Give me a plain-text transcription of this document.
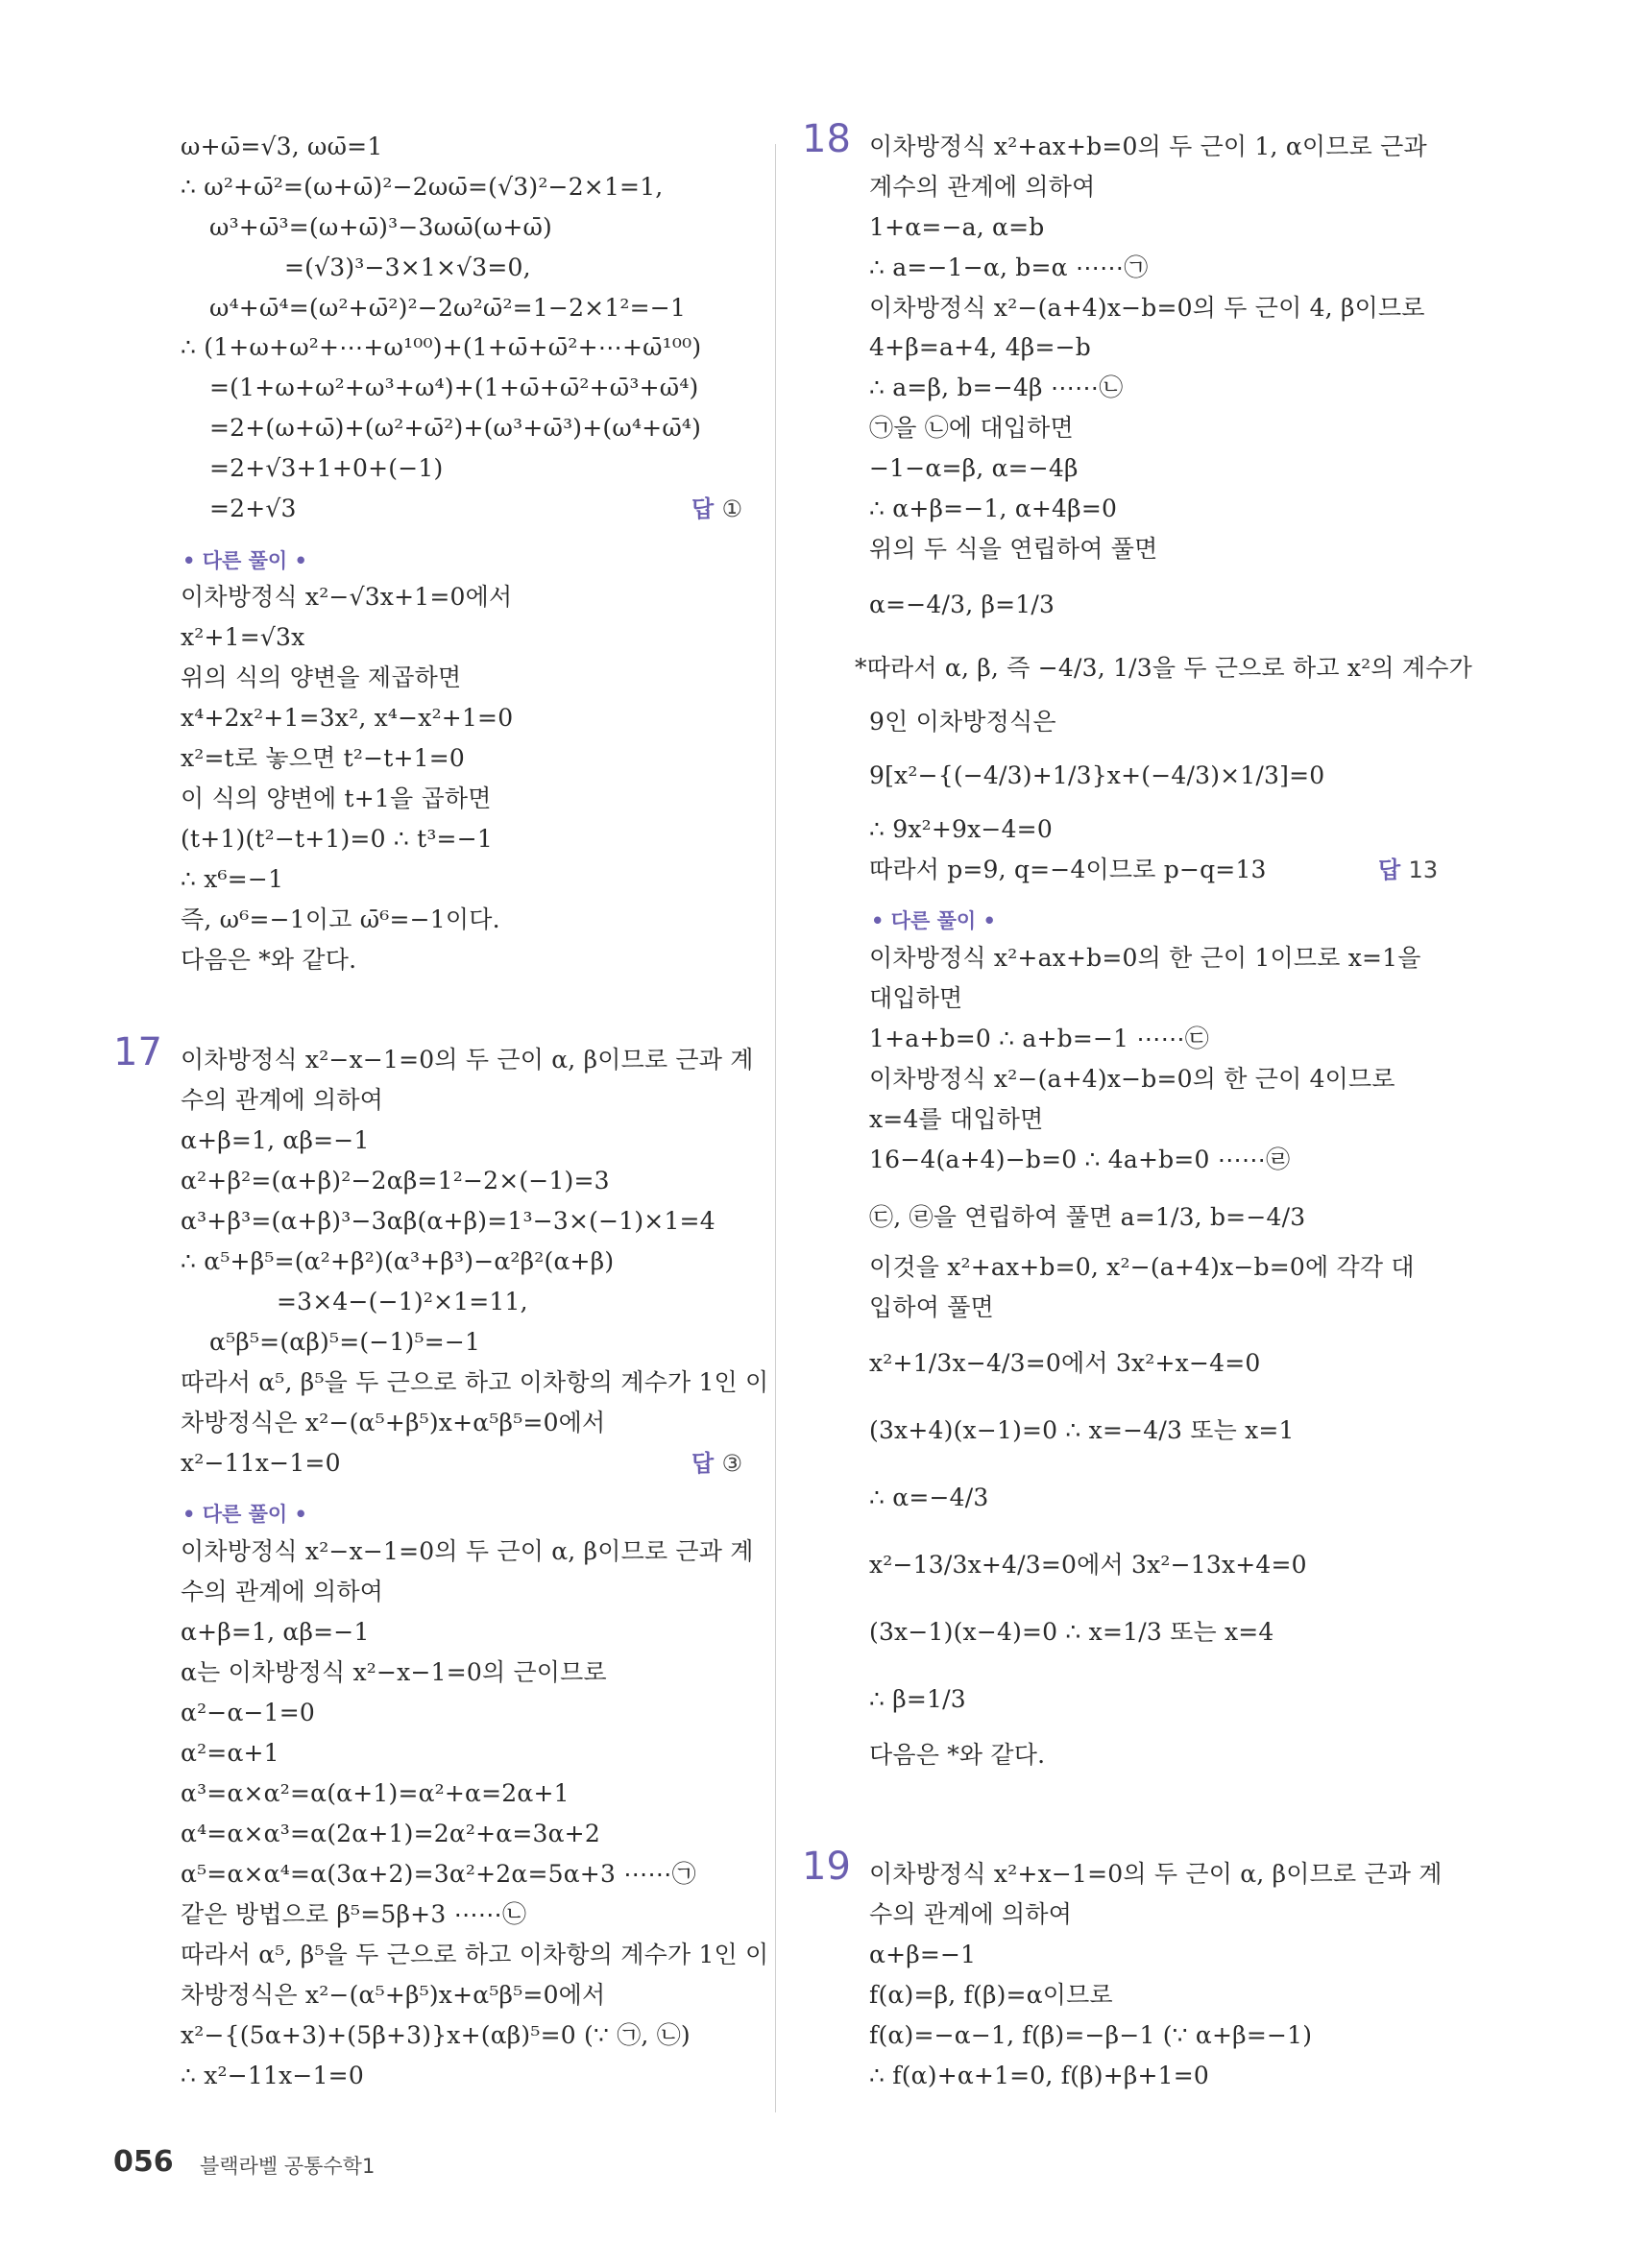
17
18
19
ω+ω̄=√3, ωω̄=1
∴ ω²+ω̄²=(ω+ω̄)²−2ωω̄=(√3)²−2×1=1,
ω³+ω̄³=(ω+ω̄)³−3ωω̄(ω+ω̄)
=(√3)³−3×1×√3=0,
ω⁴+ω̄⁴=(ω²+ω̄²)²−2ω²ω̄²=1−2×1²=−1
∴ (1+ω+ω²+⋯+ω¹⁰⁰)+(1+ω̄+ω̄²+⋯+ω̄¹⁰⁰)
=(1+ω+ω²+ω³+ω⁴)+(1+ω̄+ω̄²+ω̄³+ω̄⁴)
=2+(ω+ω̄)+(ω²+ω̄²)+(ω³+ω̄³)+(ω⁴+ω̄⁴)
=2+√3+1+0+(−1)
=2+√3
이차방정식 x²−√3x+1=0에서
x²+1=√3x
위의 식의 양변을 제곱하면
x⁴+2x²+1=3x², x⁴−x²+1=0
x²=t로 놓으면 t²−t+1=0
이 식의 양변에 t+1을 곱하면
(t+1)(t²−t+1)=0 ∴ t³=−1
∴ x⁶=−1
즉, ω⁶=−1이고 ω̄⁶=−1이다.
다음은 *와 같다.
이차방정식 x²−x−1=0의 두 근이 α, β이므로 근과 계
수의 관계에 의하여
α+β=1, αβ=−1
α²+β²=(α+β)²−2αβ=1²−2×(−1)=3
α³+β³=(α+β)³−3αβ(α+β)=1³−3×(−1)×1=4
∴ α⁵+β⁵=(α²+β²)(α³+β³)−α²β²(α+β)
=3×4−(−1)²×1=11,
α⁵β⁵=(αβ)⁵=(−1)⁵=−1
따라서 α⁵, β⁵을 두 근으로 하고 이차항의 계수가 1인 이
차방정식은 x²−(α⁵+β⁵)x+α⁵β⁵=0에서
x²−11x−1=0
이차방정식 x²−x−1=0의 두 근이 α, β이므로 근과 계
수의 관계에 의하여
α+β=1, αβ=−1
α는 이차방정식 x²−x−1=0의 근이므로
α²−α−1=0
α²=α+1
α³=α×α²=α(α+1)=α²+α=2α+1
α⁴=α×α³=α(2α+1)=2α²+α=3α+2
α⁵=α×α⁴=α(3α+2)=3α²+2α=5α+3 ⋯⋯㉠
같은 방법으로 β⁵=5β+3 ⋯⋯㉡
따라서 α⁵, β⁵을 두 근으로 하고 이차항의 계수가 1인 이
차방정식은 x²−(α⁵+β⁵)x+α⁵β⁵=0에서
x²−{(5α+3)+(5β+3)}x+(αβ)⁵=0 (∵ ㉠, ㉡)
∴ x²−11x−1=0
• 다른 풀이 •
• 다른 풀이 •
답 ①
답 ③
이차방정식 x²+ax+b=0의 두 근이 1, α이므로 근과
계수의 관계에 의하여
1+α=−a, α=b
∴ a=−1−α, b=α ⋯⋯㉠
이차방정식 x²−(a+4)x−b=0의 두 근이 4, β이므로
4+β=a+4, 4β=−b
∴ a=β, b=−4β ⋯⋯㉡
㉠을 ㉡에 대입하면
−1−α=β, α=−4β
∴ α+β=−1, α+4β=0
위의 두 식을 연립하여 풀면
α=−4/3, β=1/3
*따라서 α, β, 즉 −4/3, 1/3을 두 근으로 하고 x²의 계수가
9인 이차방정식은
9[x²−{(−4/3)+1/3}x+(−4/3)×1/3]=0
∴ 9x²+9x−4=0
따라서 p=9, q=−4이므로 p−q=13
이차방정식 x²+ax+b=0의 한 근이 1이므로 x=1을
대입하면
1+a+b=0 ∴ a+b=−1 ⋯⋯㉢
이차방정식 x²−(a+4)x−b=0의 한 근이 4이므로
x=4를 대입하면
16−4(a+4)−b=0 ∴ 4a+b=0 ⋯⋯㉣
㉢, ㉣을 연립하여 풀면 a=1/3, b=−4/3
이것을 x²+ax+b=0, x²−(a+4)x−b=0에 각각 대
입하여 풀면
x²+1/3x−4/3=0에서 3x²+x−4=0
(3x+4)(x−1)=0 ∴ x=−4/3 또는 x=1
∴ α=−4/3
x²−13/3x+4/3=0에서 3x²−13x+4=0
(3x−1)(x−4)=0 ∴ x=1/3 또는 x=4
∴ β=1/3
다음은 *와 같다.
이차방정식 x²+x−1=0의 두 근이 α, β이므로 근과 계
수의 관계에 의하여
α+β=−1
f(α)=β, f(β)=α이므로
f(α)=−α−1, f(β)=−β−1 (∵ α+β=−1)
∴ f(α)+α+1=0, f(β)+β+1=0
• 다른 풀이 •
답 13
056 블랙라벨 공통수학1
